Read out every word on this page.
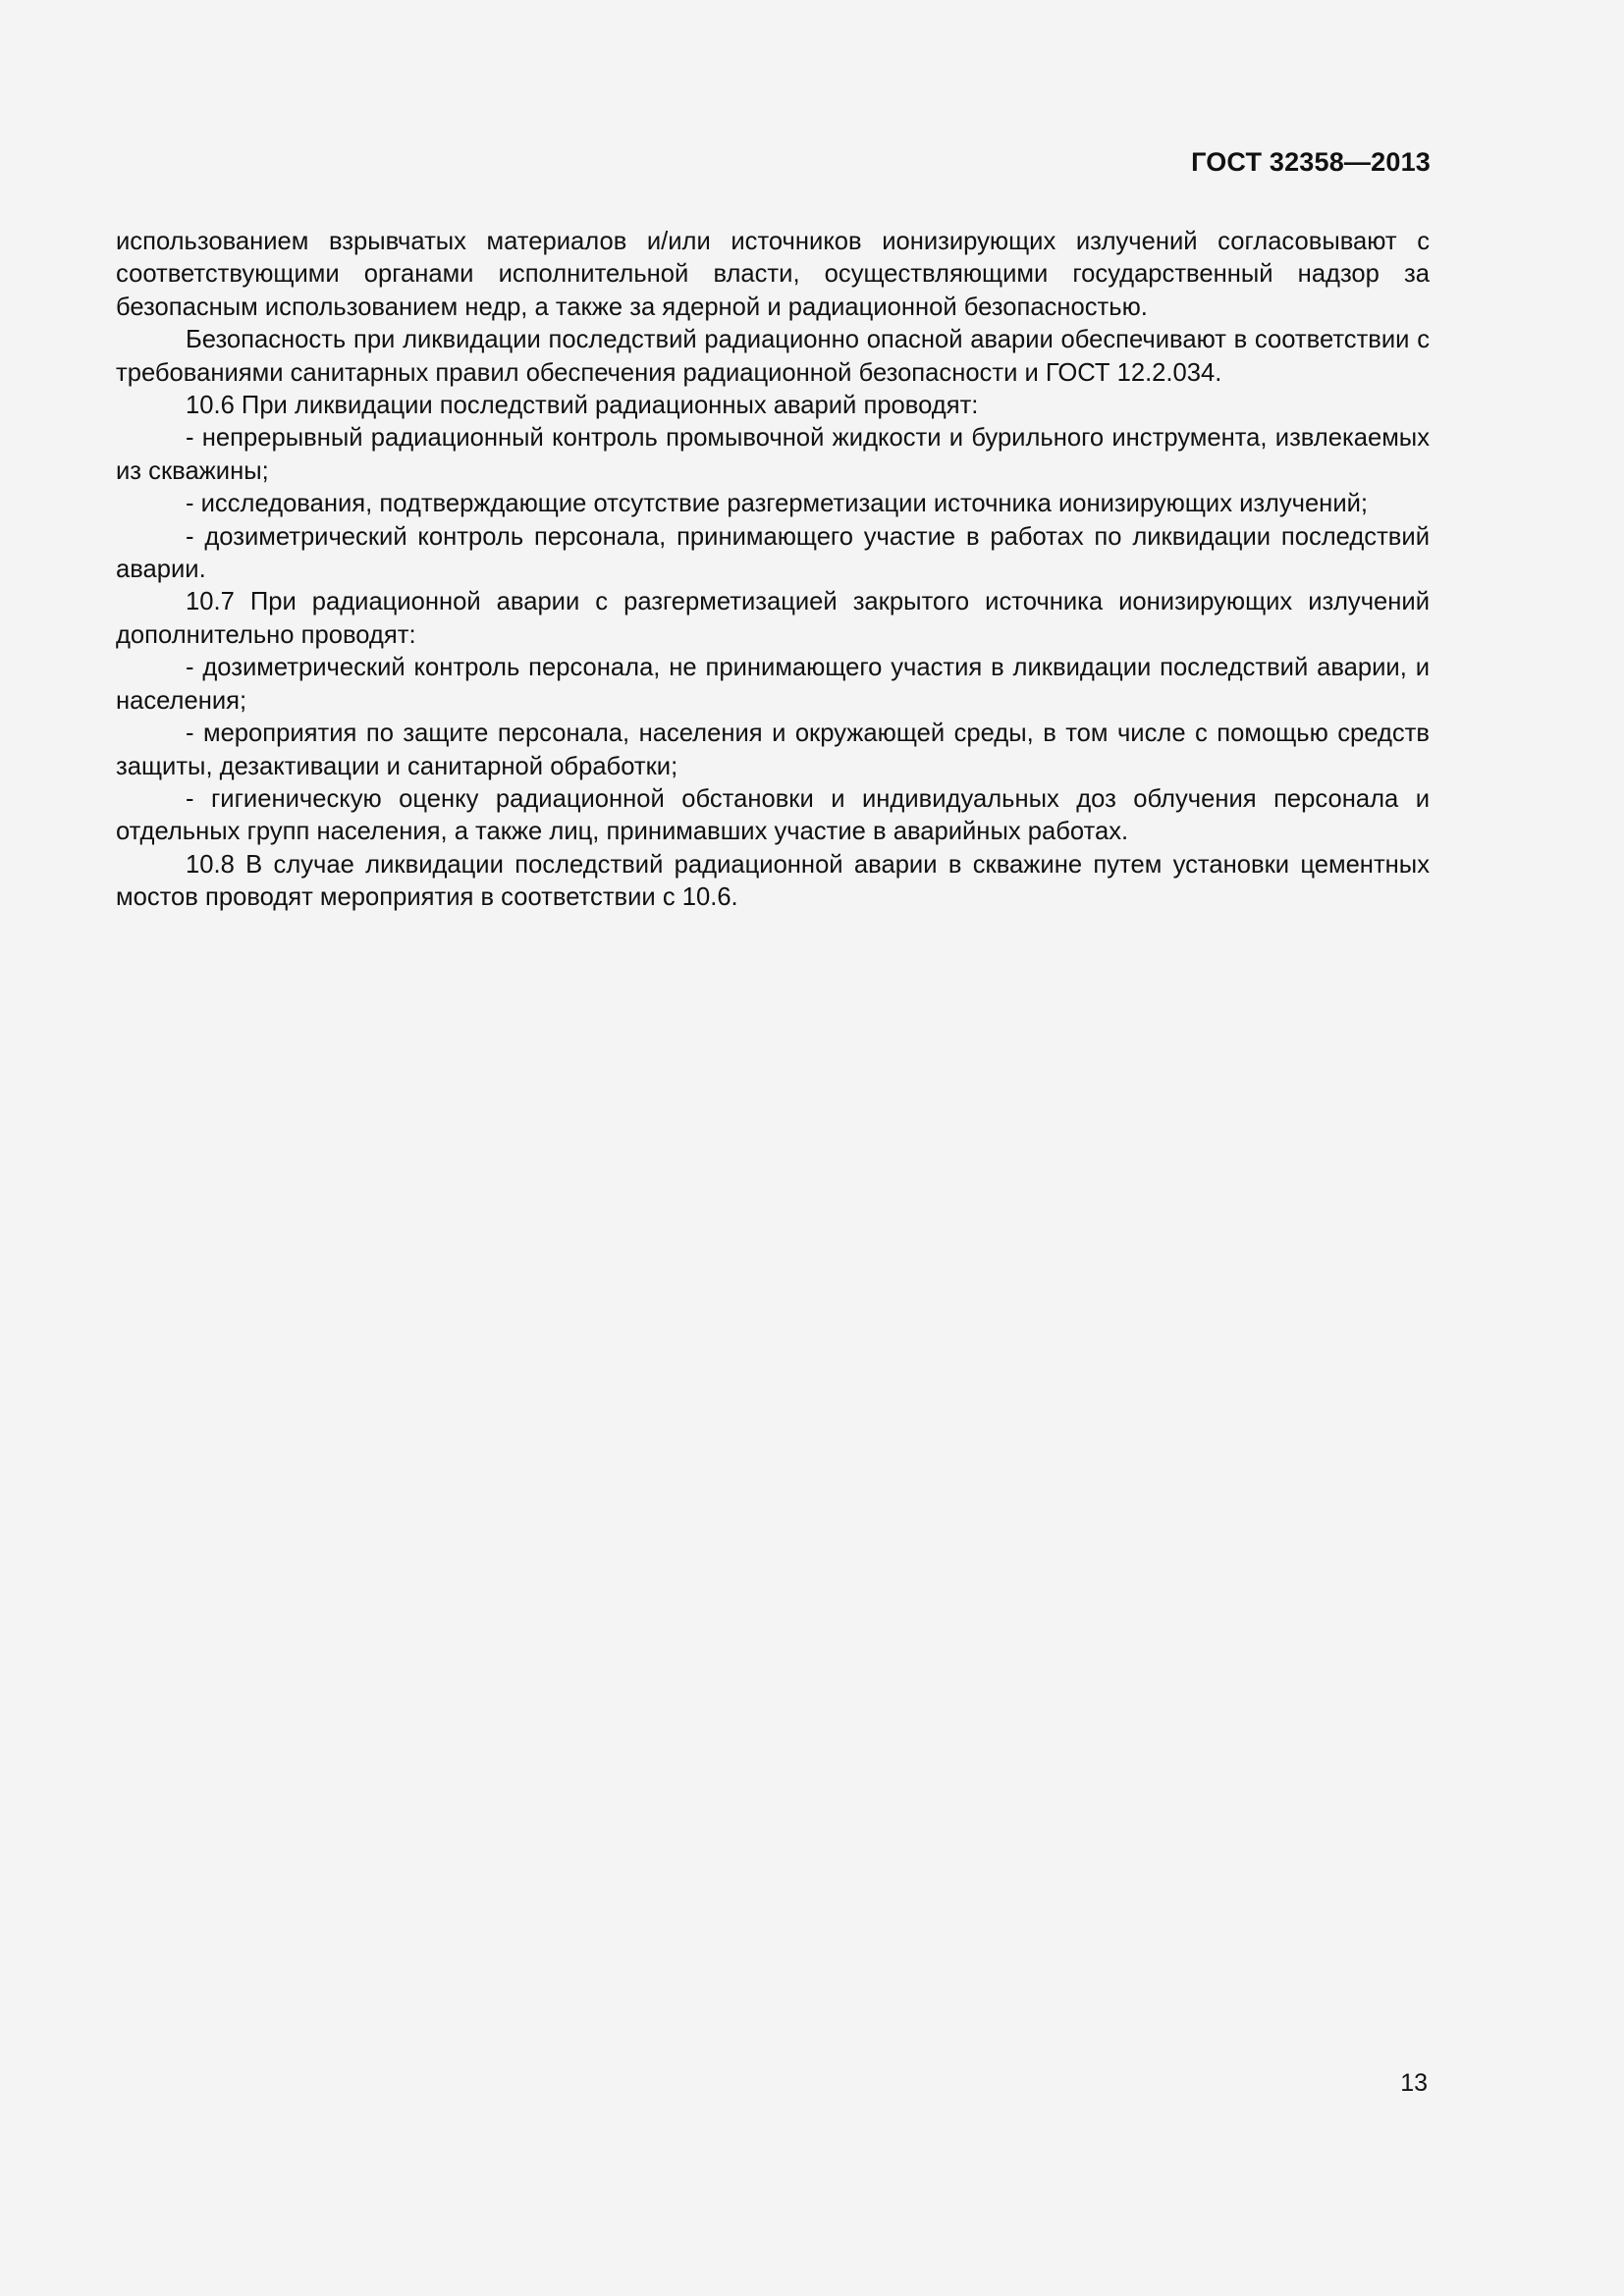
ГОСТ 32358—2013

использованием взрывчатых материалов и/или источников ионизирующих излучений согласовывают с соответствующими органами исполнительной власти, осуществляющими государственный надзор за безопасным использованием недр, а также за ядерной и радиационной безопасностью.

Безопасность при ликвидации последствий радиационно опасной аварии обеспечивают в соответствии с требованиями санитарных правил обеспечения радиационной безопасности и ГОСТ 12.2.034.

10.6 При ликвидации последствий радиационных аварий проводят:

- непрерывный радиационный контроль промывочной жидкости и бурильного инструмента, извлекаемых из скважины;

- исследования, подтверждающие отсутствие разгерметизации источника ионизирующих излучений;

- дозиметрический контроль персонала, принимающего участие в работах по ликвидации последствий аварии.

10.7 При радиационной аварии с разгерметизацией закрытого источника ионизирующих излучений дополнительно проводят:

- дозиметрический контроль персонала, не принимающего участия в ликвидации последствий аварии, и населения;

- мероприятия по защите персонала, населения и окружающей среды, в том числе с помощью средств защиты, дезактивации и санитарной обработки;

- гигиеническую оценку радиационной обстановки и индивидуальных доз облучения персонала и отдельных групп населения, а также лиц, принимавших участие в аварийных работах.

10.8 В случае ликвидации последствий радиационной аварии в скважине путем установки цементных мостов проводят мероприятия в соответствии с 10.6.

13
